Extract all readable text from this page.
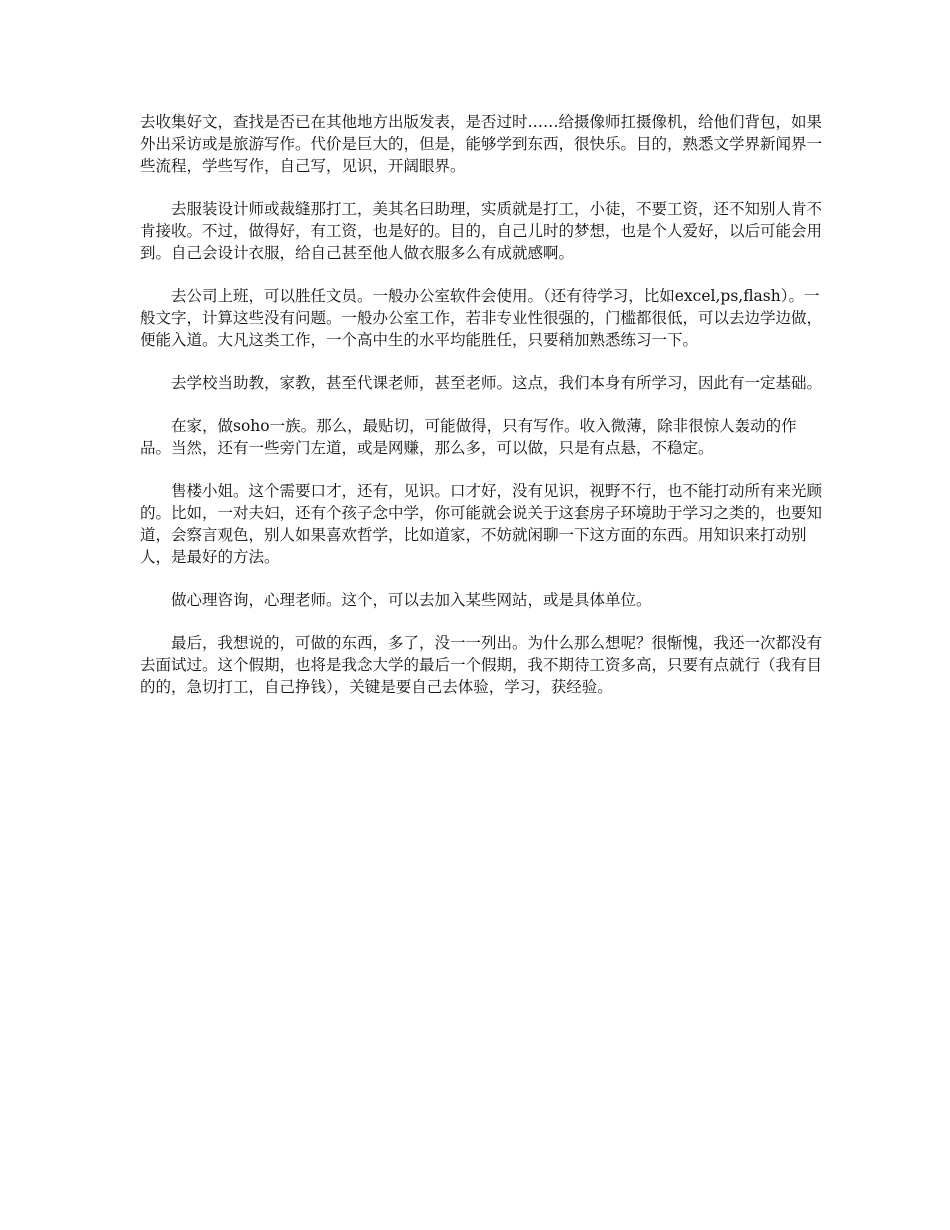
去收集好文，查找是否已在其他地方出版发表，是否过时……给摄像师扛摄像机，给他们背包，如果外出采访或是旅游写作。代价是巨大的，但是，能够学到东西，很快乐。目的，熟悉文学界新闻界一些流程，学些写作，自己写，见识，开阔眼界。

去服装设计师或裁缝那打工，美其名曰助理，实质就是打工，小徒，不要工资，还不知别人肯不肯接收。不过，做得好，有工资，也是好的。目的，自己儿时的梦想，也是个人爱好，以后可能会用到。自己会设计衣服，给自己甚至他人做衣服多么有成就感啊。

去公司上班，可以胜任文员。一般办公室软件会使用。（还有待学习，比如excel,ps,flash）。一般文字，计算这些没有问题。一般办公室工作，若非专业性很强的，门槛都很低，可以去边学边做，便能入道。大凡这类工作，一个高中生的水平均能胜任，只要稍加熟悉练习一下。

去学校当助教，家教，甚至代课老师，甚至老师。这点，我们本身有所学习，因此有一定基础。

在家，做soho一族。那么，最贴切，可能做得，只有写作。收入微薄，除非很惊人轰动的作品。当然，还有一些旁门左道，或是网赚，那么多，可以做，只是有点悬，不稳定。

售楼小姐。这个需要口才，还有，见识。口才好，没有见识，视野不行，也不能打动所有来光顾的。比如，一对夫妇，还有个孩子念中学，你可能就会说关于这套房子环境助于学习之类的，也要知道，会察言观色，别人如果喜欢哲学，比如道家，不妨就闲聊一下这方面的东西。用知识来打动别人，是最好的方法。

做心理咨询，心理老师。这个，可以去加入某些网站，或是具体单位。

最后，我想说的，可做的东西，多了，没一一列出。为什么那么想呢？很惭愧，我还一次都没有去面试过。这个假期，也将是我念大学的最后一个假期，我不期待工资多高，只要有点就行（我有目的的，急切打工，自己挣钱），关键是要自己去体验，学习，获经验。
